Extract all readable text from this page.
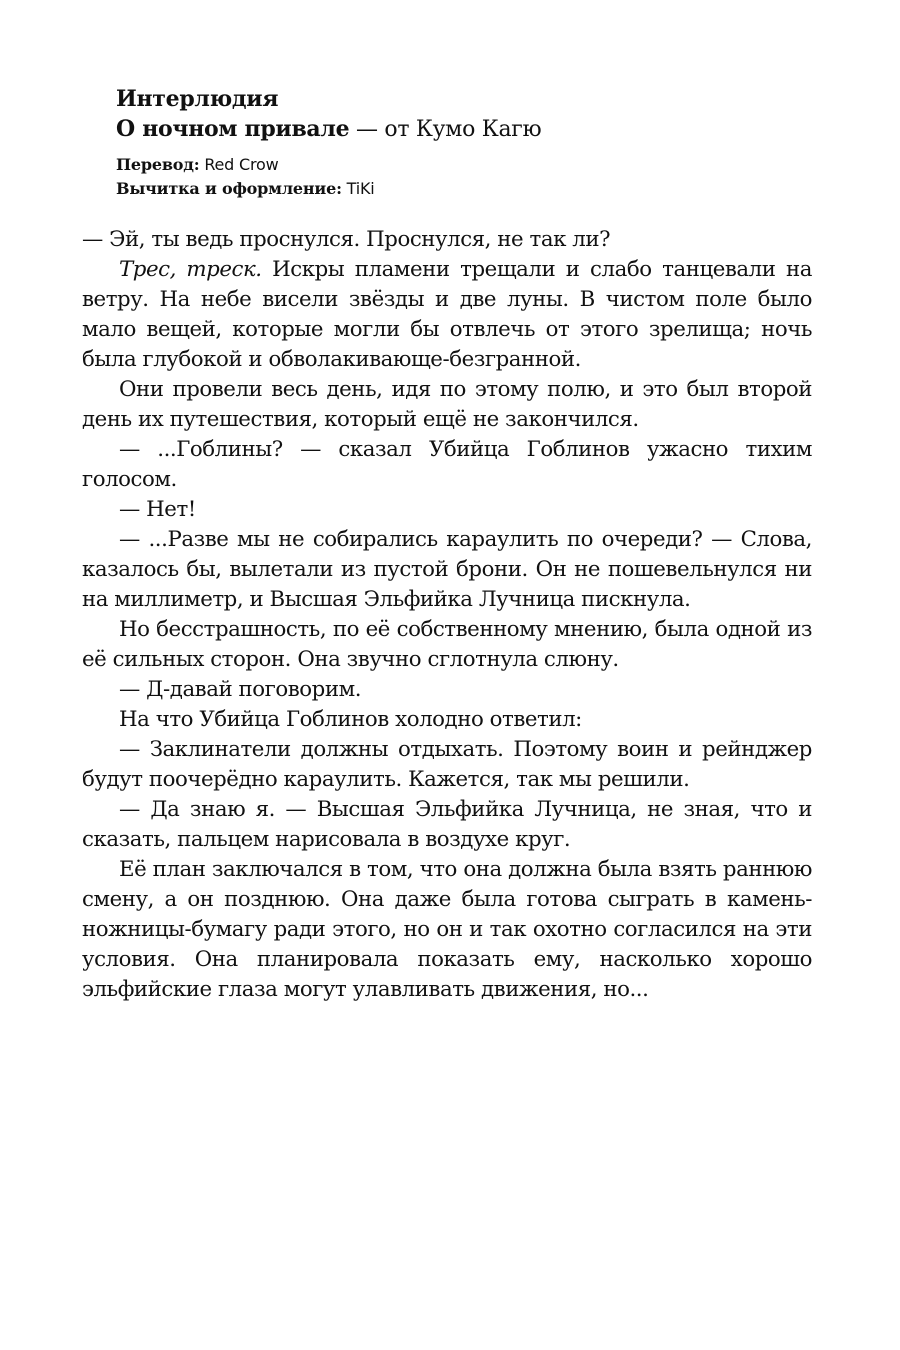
Интерлюдия
О ночном привале — от Кумо Кагю
Перевод: Red Crow
Вычитка и оформление: TiKi

— Эй, ты ведь проснулся. Проснулся, не так ли?

Трес, треск. Искры пламени трещали и слабо танцевали на ветру. На небе висели звёзды и две луны. В чистом поле было мало вещей, которые могли бы отвлечь от этого зрелища; ночь была глубокой и обволакивающе-безгранной.

Они провели весь день, идя по этому полю, и это был второй день их путешествия, который ещё не закончился.

— ...Гоблины? — сказал Убийца Гоблинов ужасно тихим голосом.

— Нет!

— ...Разве мы не собирались караулить по очереди? — Слова, казалось бы, вылетали из пустой брони. Он не пошевельнулся ни на миллиметр, и Высшая Эльфийка Лучница пискнула.

Но бесстрашность, по её собственному мнению, была одной из её сильных сторон. Она звучно сглотнула слюну.

— Д-давай поговорим.

На что Убийца Гоблинов холодно ответил:

— Заклинатели должны отдыхать. Поэтому воин и рейнджер будут поочерёдно караулить. Кажется, так мы решили.

— Да знаю я. — Высшая Эльфийка Лучница, не зная, что и сказать, пальцем нарисовала в воздухе круг.

Её план заключался в том, что она должна была взять раннюю смену, а он позднюю. Она даже была готова сыграть в камень-ножницы-бумагу ради этого, но он и так охотно согласился на эти условия. Она планировала показать ему, насколько хорошо эльфийские глаза могут улавливать движения, но...
